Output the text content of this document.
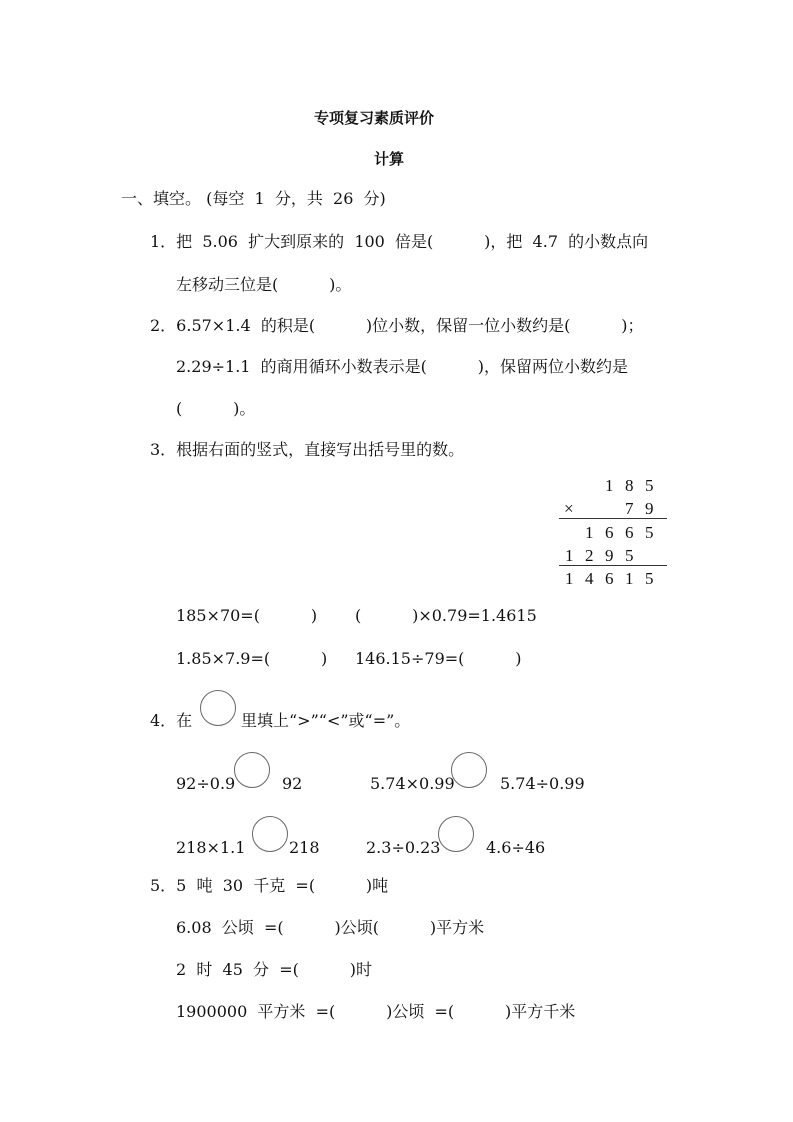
专项复习素质评价
计算
一、填空。 (每空  1  分，共  26  分)
1．把  5.06  扩大到原来的  100  倍是(          )，把  4.7  的小数点向
左移动三位是(          )。
2．6.57×1.4  的积是(          )位小数，保留一位小数约是(          )；
2.29÷1.1  的商用循环小数表示是(          )，保留两位小数约是
(          )。
3．根据右面的竖式，直接写出括号里的数。
1 8 5
×	7 9
1 6 6 5
1 2 9 5
1 4 6 1 5
185×70=(          ) (          )×0.79=1.4615
1.85×7.9=(          ) 146.15÷79=(          )
4．在	里填上“>”“<”或“=”。
92÷0.9	92	5.74×0.99	5.74÷0.99
218×1.1	218	2.3÷0.23	4.6÷46
5．5  吨  30  千克  =(          )吨
6.08  公顷  =(          )公顷(          )平方米
2  时  45  分  =(          )时
1900000  平方米  =(          )公顷  =(          )平方千米
